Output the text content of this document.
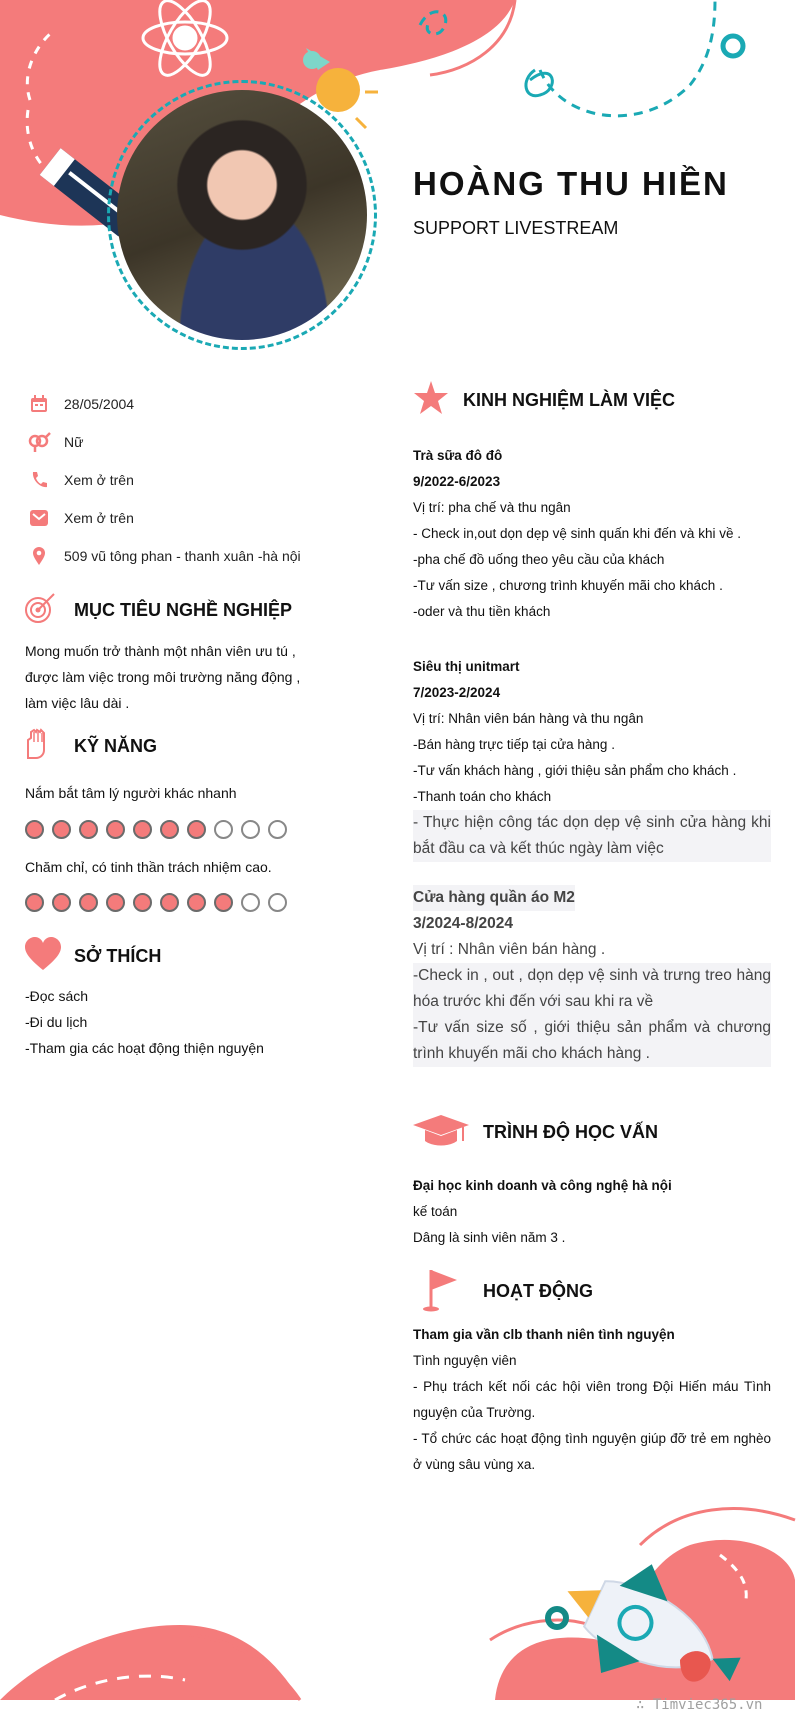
HOÀNG THU HIỀN
SUPPORT LIVESTREAM
28/05/2004
Nữ
Xem ở trên
Xem ở trên
509 vũ tông phan - thanh xuân -hà nội
MỤC TIÊU NGHỀ NGHIỆP
Mong muốn trở thành một nhân viên ưu tú ,
được làm việc trong môi trường năng động ,
làm việc lâu dài .
KỸ NĂNG
Nắm bắt tâm lý người khác nhanh
Chăm chỉ, có tinh thần trách nhiệm cao.
SỞ THÍCH
-Đọc sách
-Đi du lịch
-Tham gia các hoạt động thiện nguyện
KINH NGHIỆM LÀM VIỆC
Trà sữa đô đô
9/2022-6/2023
Vị trí: pha chế và thu ngân
- Check in,out dọn dẹp vệ sinh quấn khi đến và khi về .
-pha chế đồ uống theo yêu cầu của khách
-Tư vấn size , chương trình khuyến mãi cho khách .
-oder và thu tiền khách
Siêu thị unitmart
7/2023-2/2024
Vị trí: Nhân viên bán hàng và thu ngân
-Bán hàng trực tiếp tại cửa hàng .
-Tư vấn khách hàng , giới thiệu sản phẩm cho khách .
-Thanh toán cho khách
- Thực hiện công tác dọn dẹp vệ sinh cửa hàng khi bắt đầu ca và kết thúc ngày làm việc
Cửa hàng quần áo M2
3/2024-8/2024
Vị trí : Nhân viên bán hàng .
-Check in , out , dọn dẹp vệ sinh và trưng treo hàng hóa trước khi đến với sau khi ra về
-Tư vấn size số , giới thiệu sản phẩm và chương trình khuyến mãi cho khách hàng .
TRÌNH ĐỘ HỌC VẤN
Đại học kinh doanh và công nghệ hà nội
kế toán
Dâng là sinh viên năm 3 .
HOẠT ĐỘNG
Tham gia vần clb thanh niên tình nguyện
Tình nguyện viên
- Phụ trách kết nối các hội viên trong Đội Hiến máu Tình nguyện của Trường.
- Tổ chức các hoạt động tình nguyện giúp đỡ trẻ em nghèo ở vùng sâu vùng xa.
∴ Timviec365.vn
